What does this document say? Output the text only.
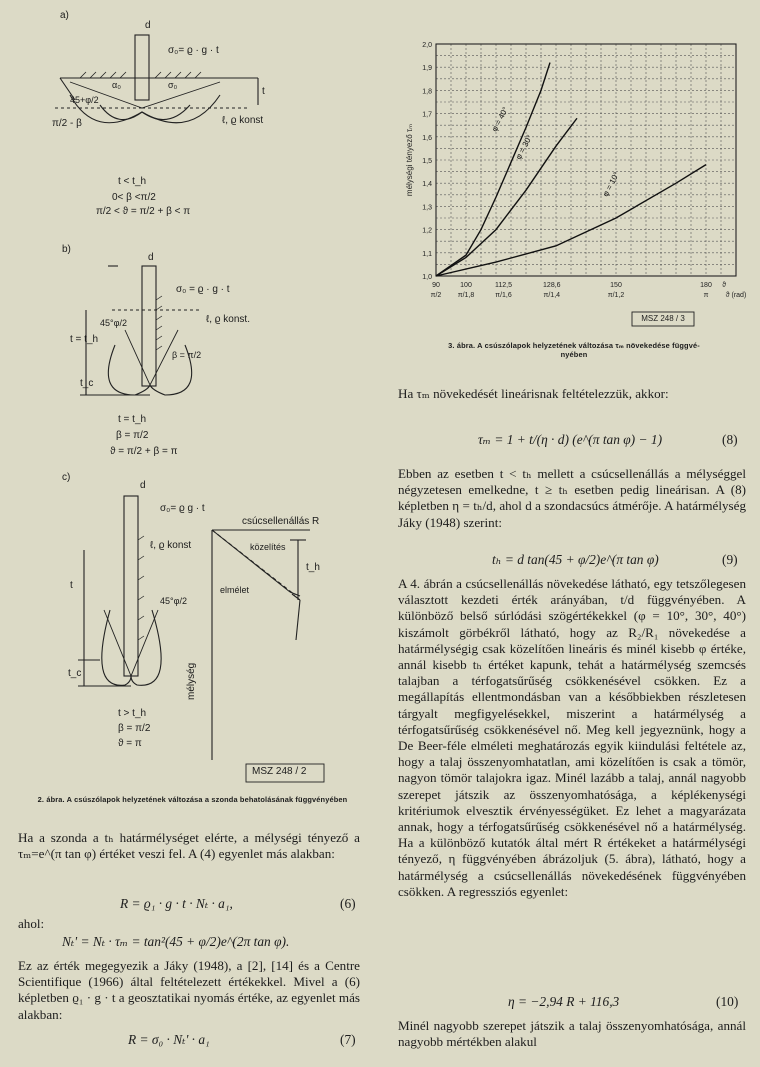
a)
d
σ₀= ϱ · g · t
t
45+φ/2
α₀	σ₀
π/2 - β	ℓ, ϱ konst
t < t_h
0< β <π/2
π/2 < ϑ = π/2 + β < π
b)
d
σ₀ = ϱ · g · t
ℓ, ϱ konst.
45°φ/2
t = t_h
t_c
β = π/2
t = t_h
β = π/2
ϑ = π/2 + β = π
c)
d
σ₀= ϱ g · t
ℓ, ϱ konst
45°φ/2
t
t_c
t > t_h
β = π/2
ϑ = π
csúcsellenállás R
közelítés
elmélet
t_h
mélység
MSZ 248 / 2
2. ábra. A csúszólapok helyzetének változása a szonda behatolásának függvényében

Ha a szonda a tₕ határmélységet elérte, a mélységi tényező a τₘ=e^(π tan φ) értéket veszi fel. A (4) egyenlet más alakban:

R = ϱ₁ · g · t · Nₜ · a₁,	(6)
ahol:
Nₜ' = Nₜ · τₘ = tan²(45 + φ/2)e^(2π tan φ).

Ez az érték megegyezik a Jáky (1948), a [2], [14] és a Centre Scientifique (1966) által feltételezett értékekkel. Mivel a (6) képletben ϱ₁ · g · t a geosztatikai nyomás értéke, az egyenlet más alakban:

R = σ₀ · Nₜ' · a₁	(7)
2,0
1,9
1,8
1,7
1,6
1,5
1,4
1,3
1,2
1,1
1,0
90
π/2
100
π/1,8
112,5
π/1,6
128,6
π/1,4
150
π/1,2
180
π
ϑ
ϑ (rad)
mélységi tényező τₘ
φ = 40°
φ = 30°
φ = 10°
MSZ 248 / 3
3. ábra. A csúszólapok helyzetének változása τₘ növekedése függvé-
nyében

Ha τₘ növekedését lineárisnak feltételezzük, akkor:

τₘ = 1 + t/(η · d) (e^(π tan φ) − 1)	(8)

Ebben az esetben t < tₕ mellett a csúcsellenállás a mélységgel négyzetesen emelkedne, t ≥ tₕ esetben pedig lineárisan. A (8) képletben η = tₕ/d, ahol d a szondacsúcs átmérője. A határmélység Jáky (1948) szerint:

tₕ = d tan(45 + φ/2)e^(π tan φ)	(9)

A 4. ábrán a csúcsellenállás növekedése látható, egy tetszőlegesen választott kezdeti érték arányában, t/d függvényében. A különböző belső súrlódási szögértékekkel (φ = 10°, 30°, 40°) kiszámolt görbékről látható, hogy az R₂/R₁ növekedése a határmélységig csak közelítően lineáris és minél kisebb φ értéke, annál kisebb tₕ értéket kapunk, tehát a határmélység szemcsés talajban a térfogatsűrűség csökkenésével csökken. Ez a megállapítás ellentmondásban van a későbbiekben részletesen tárgyalt megfigyelésekkel, miszerint a határmélység a térfogatsűrűség csökkenésével nő. Meg kell jegyeznünk, hogy a De Beer-féle elméleti meghatározás egyik kiindulási feltétele az, hogy a talaj összenyomhatatlan, ami közelítően is csak a tömör, nagyon tömör talajokra igaz. Minél lazább a talaj, annál nagyobb szerepet játszik az összenyomhatósága, a képlékenységi kritériumok elvesztik érvényességüket. Ez lehet a magyarázata annak, hogy a térfogatsűrűség csökkenésével nő a határmélység. Ha a különböző kutatók által mért R értékeket a határmélységi tényező, η függvényében ábrázoljuk (5. ábra), látható, hogy a határmélység a csúcsellenállás növekedésének függvényében csökken. A regressziós egyenlet:

η = −2,94 R + 116,3	(10)

Minél nagyobb szerepet játszik a talaj összenyomhatósága, annál nagyobb mértékben alakul
